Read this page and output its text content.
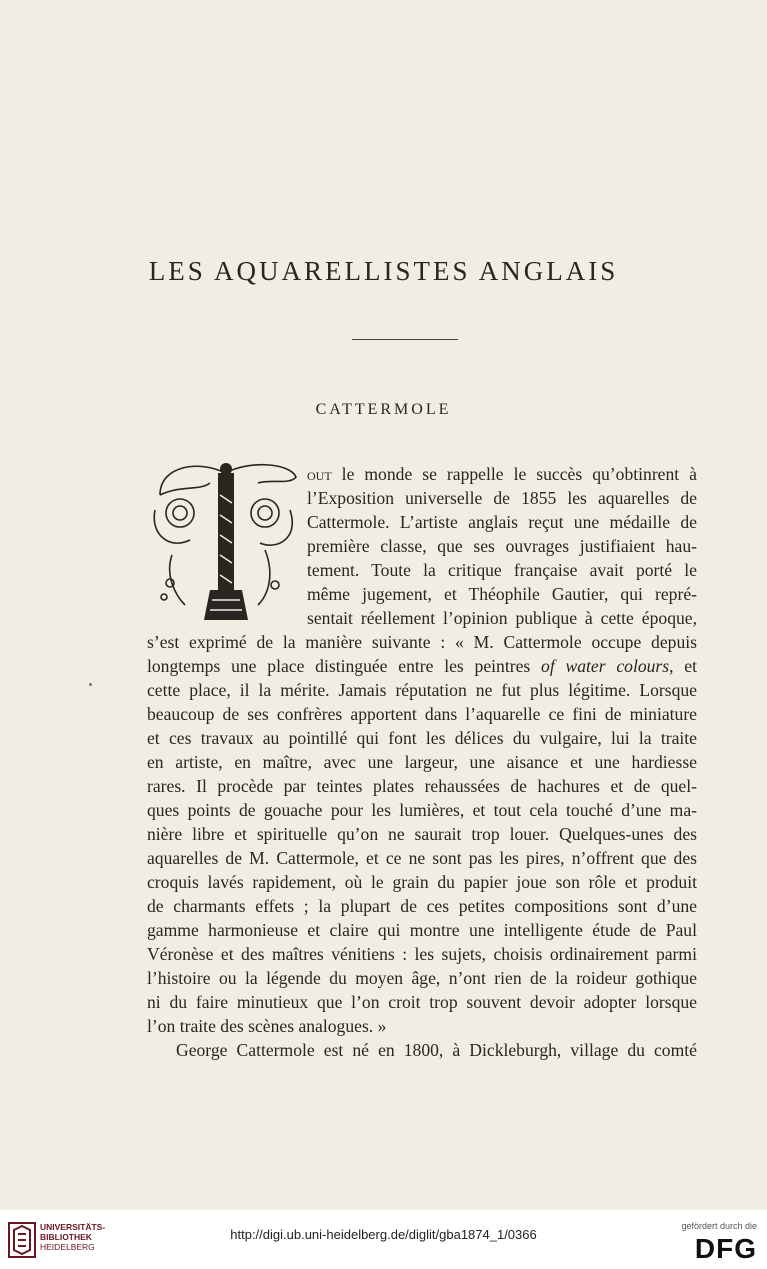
LES AQUARELLISTES ANGLAIS
CATTERMOLE
out le monde se rappelle le succès qu’obtinrent à
l’Exposition universelle de 1855 les aquarelles de
Cattermole. L’artiste anglais reçut une médaille de
première classe, que ses ouvrages justifiaient hau-
tement. Toute la critique française avait porté le
même jugement, et Théophile Gautier, qui repré-
sentait réellement l’opinion publique à cette époque,
s’est exprimé de la manière suivante : « M. Cattermole occupe depuis
longtemps une place distinguée entre les peintres of water colours, et
cette place, il la mérite. Jamais réputation ne fut plus légitime. Lorsque
beaucoup de ses confrères apportent dans l’aquarelle ce fini de miniature
et ces travaux au pointillé qui font les délices du vulgaire, lui la traite
en artiste, en maître, avec une largeur, une aisance et une hardiesse
rares. Il procède par teintes plates rehaussées de hachures et de quel-
ques points de gouache pour les lumières, et tout cela touché d’une ma-
nière libre et spirituelle qu’on ne saurait trop louer. Quelques-unes des
aquarelles de M. Cattermole, et ce ne sont pas les pires, n’offrent que des
croquis lavés rapidement, où le grain du papier joue son rôle et produit
de charmants effets ; la plupart de ces petites compositions sont d’une
gamme harmonieuse et claire qui montre une intelligente étude de Paul
Véronèse et des maîtres vénitiens : les sujets, choisis ordinairement parmi
l’histoire ou la légende du moyen âge, n’ont rien de la roideur gothique
ni du faire minutieux que l’on croit trop souvent devoir adopter lorsque
l’on traite des scènes analogues. »
George Cattermole est né en 1800, à Dickleburgh, village du comté
UNIVERSITÄTS-
BIBLIOTHEK
HEIDELBERG
http://digi.ub.uni-heidelberg.de/diglit/gba1874_1/0366
gefördert durch die
DFG
